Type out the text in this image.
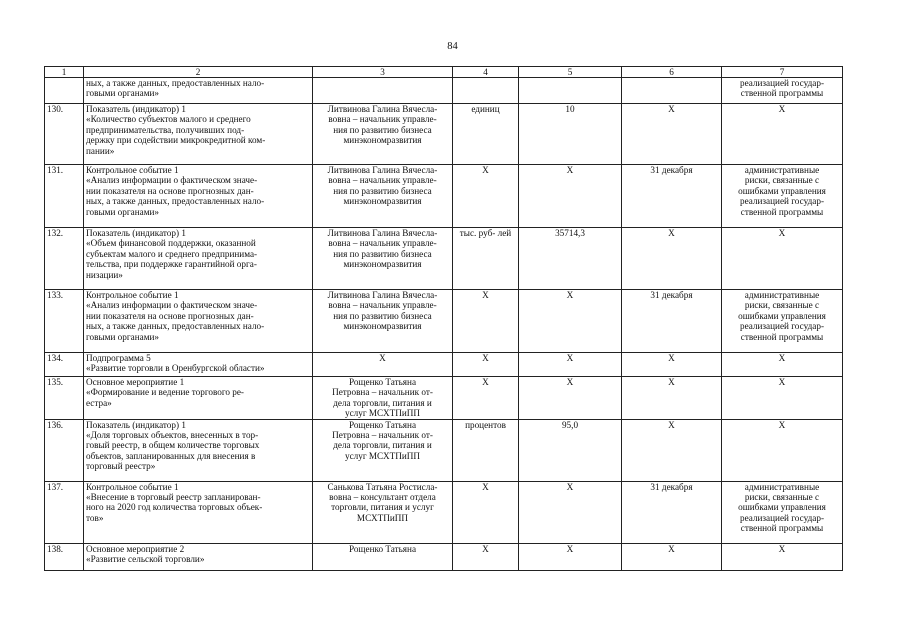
84
1	2	3	4	5	6	7

	ных, а также данных, предоставленных нало-
говыми органами»					реализацией государ-
ственной программы

130.	Показатель (индикатор) 1
«Количество субъектов малого и среднего
предпринимательства, получивших под-
держку при содействии микрокредитной ком-
пании»	Литвинова Галина Вячесла-
вовна – начальник управле-
ния по развитию бизнеса
минэкономразвития	единиц	10	X	X

131.	Контрольное событие 1
«Анализ информации о фактическом значе-
нии показателя на основе прогнозных дан-
ных, а также данных, предоставленных нало-
говыми органами»	Литвинова Галина Вячесла-
вовна – начальник управле-
ния по развитию бизнеса
минэкономразвития	X	X	31 декабря	административные
риски, связанные с
ошибками управления
реализацией государ-
ственной программы

132.	Показатель (индикатор) 1
«Объем финансовой поддержки, оказанной
субъектам малого и среднего предпринима-
тельства, при поддержке гарантийной орга-
низации»	Литвинова Галина Вячесла-
вовна – начальник управле-
ния по развитию бизнеса
минэкономразвития	тыс. руб- лей	35714,3	X	X

133.	Контрольное событие 1
«Анализ информации о фактическом значе-
нии показателя на основе прогнозных дан-
ных, а также данных, предоставленных нало-
говыми органами»	Литвинова Галина Вячесла-
вовна – начальник управле-
ния по развитию бизнеса
минэкономразвития	X	X	31 декабря	административные
риски, связанные с
ошибками управления
реализацией государ-
ственной программы

134.	Подпрограмма 5
«Развитие торговли в Оренбургской области»	X	X	X	X	X

135.	Основное мероприятие 1
«Формирование и ведение торгового ре-
естра»	Рощенко Татьяна
Петровна – начальник от-
дела торговли, питания и
услуг МСХТПиПП	X	X	X	X

136.	Показатель (индикатор) 1
«Доля торговых объектов, внесенных в тор-
говый реестр, в общем количестве торговых
объектов, запланированных для внесения в
торговый реестр»	Рощенко Татьяна
Петровна – начальник от-
дела торговли, питания и
услуг МСХТПиПП	процентов	95,0	X	X

137.	Контрольное событие 1
«Внесение в торговый реестр запланирован-
ного на 2020 год количества торговых объек-
тов»	Санькова Татьяна Ростисла-
вовна – консультант отдела
торговли, питания и услуг
МСХТПиПП	X	X	31 декабря	административные
риски, связанные с
ошибками управления
реализацией государ-
ственной программы

138.	Основное мероприятие 2
«Развитие сельской торговли»	Рощенко Татьяна	X	X	X	X
